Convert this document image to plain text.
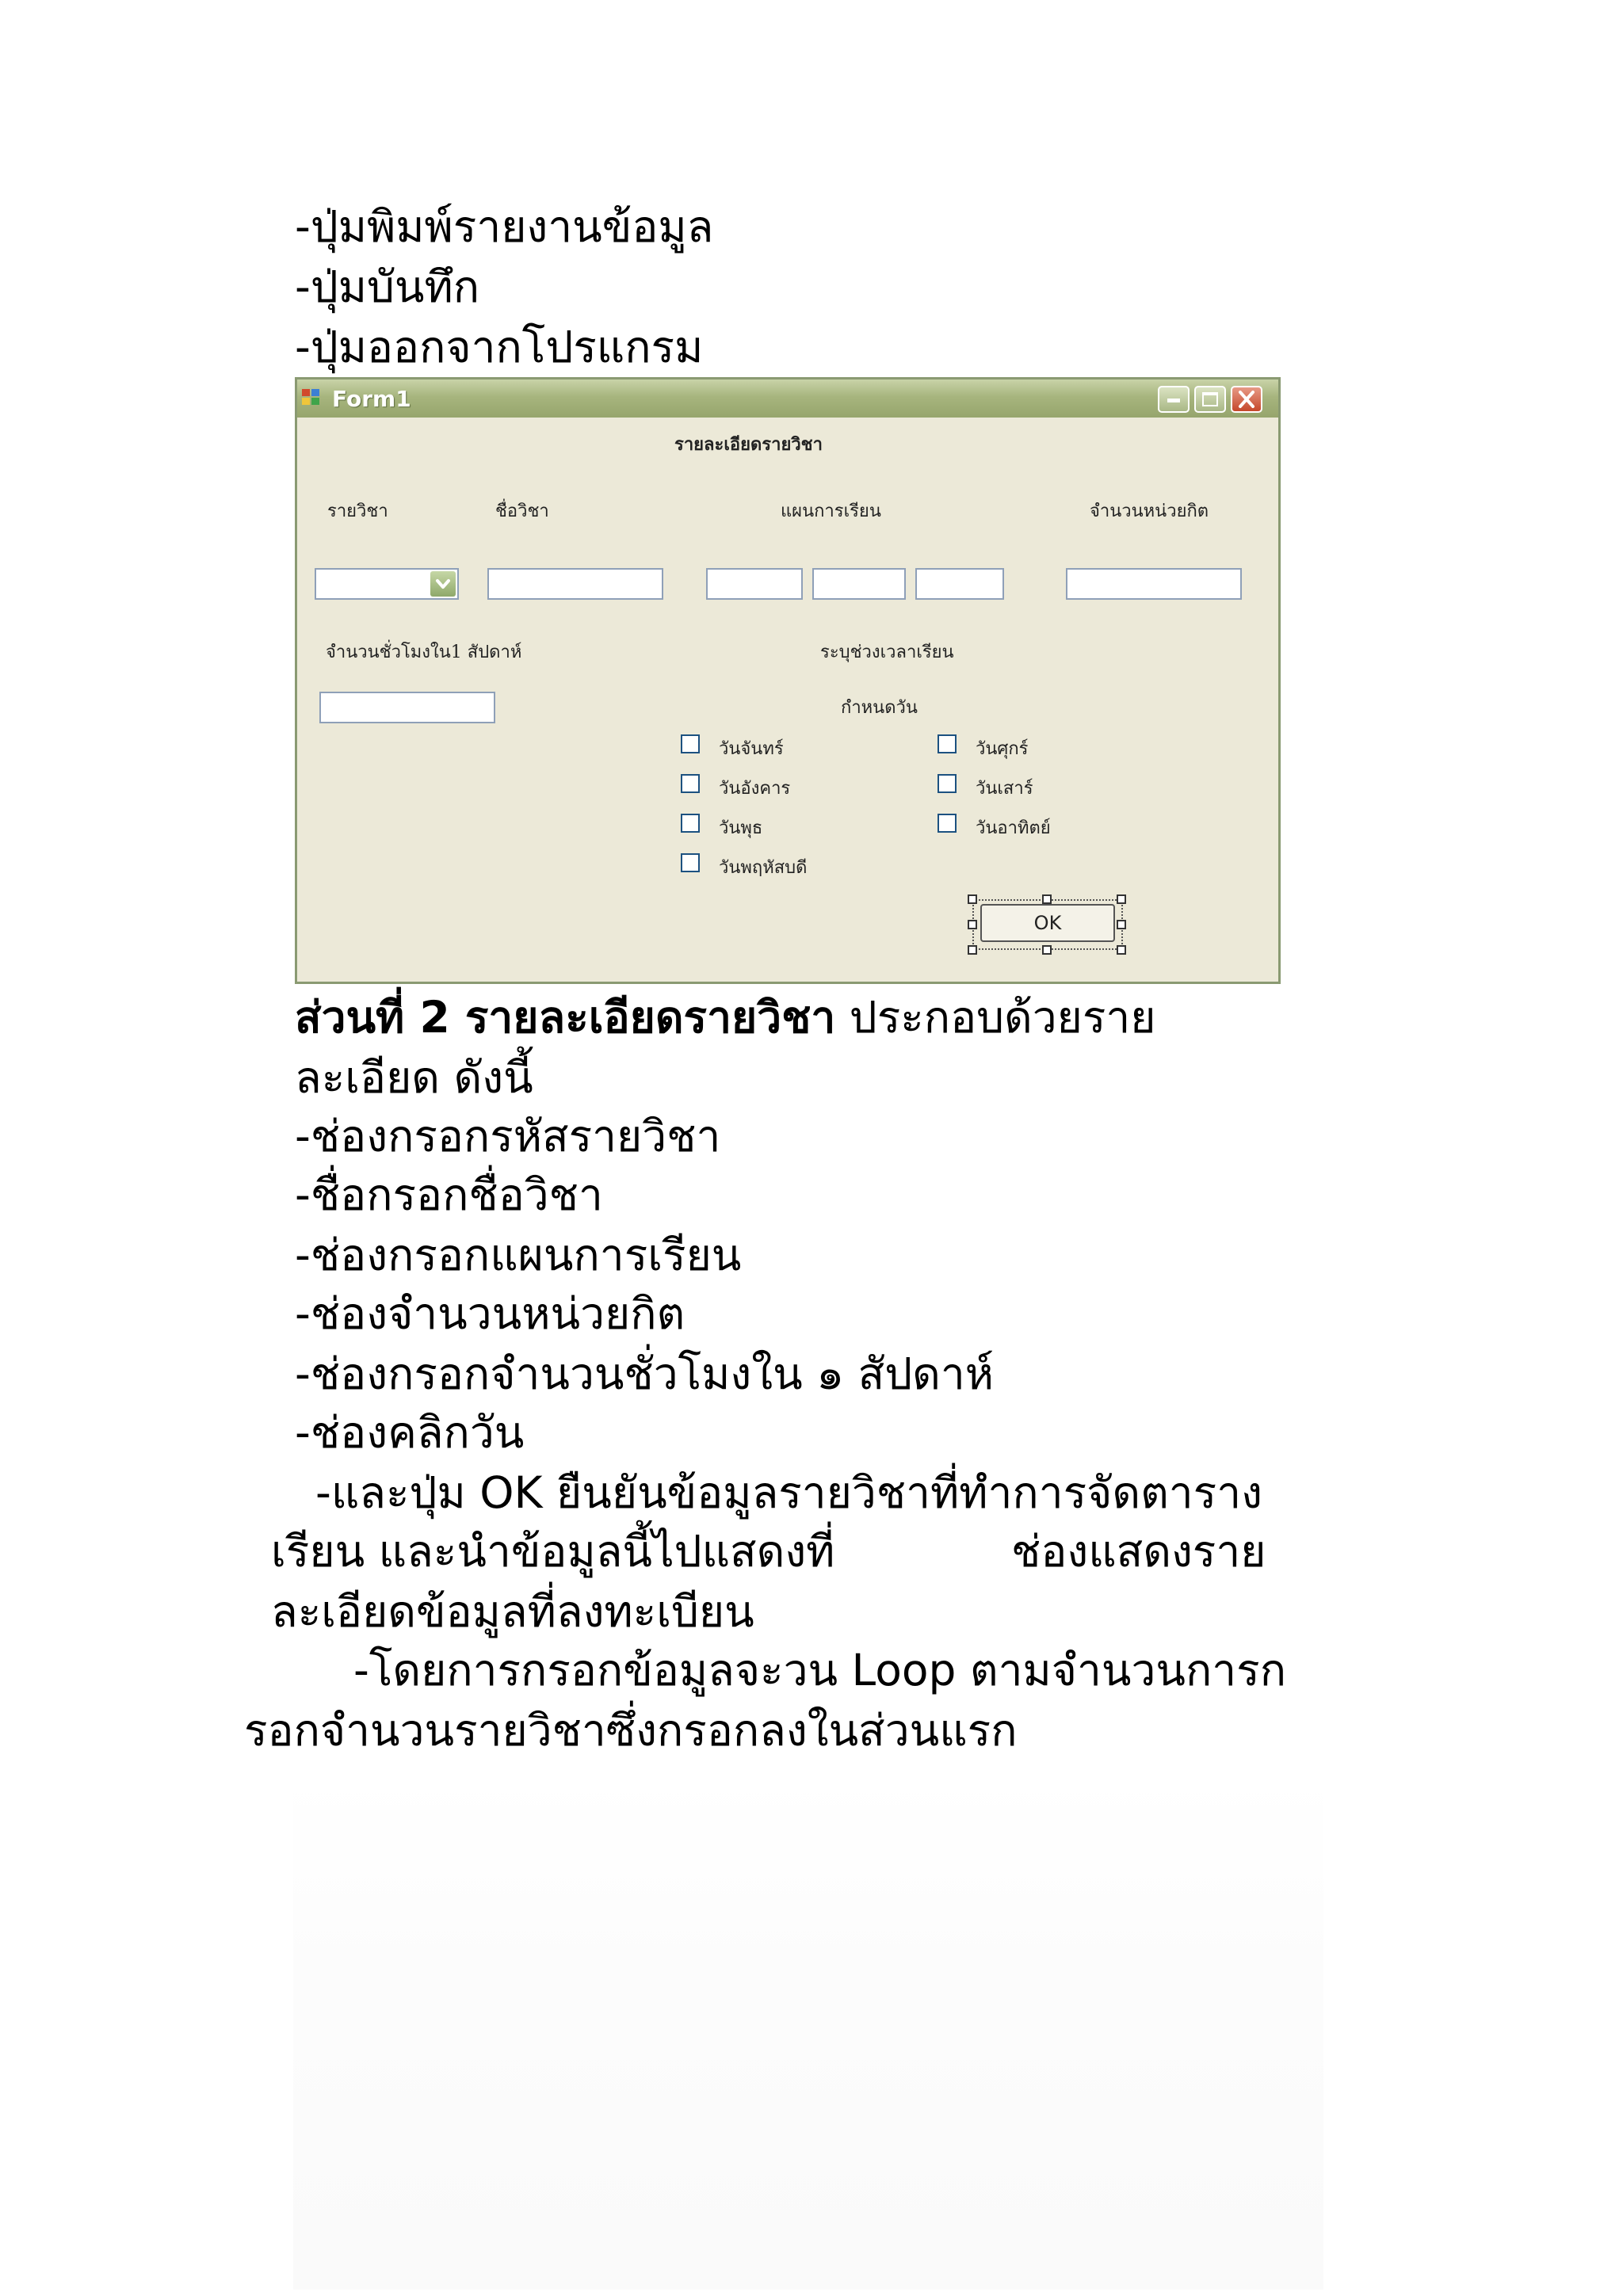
-ปุ่มพิมพ์รายงานข้อมูล
-ปุ่มบันทึก
-ปุ่มออกจากโปรแกรม
Form1
รายละเอียดรายวิชา
รายวิชา	ชื่อวิชา	แผนการเรียน	จำนวนหน่วยกิต
จำนวนชั่วโมงใน1 สัปดาห์	ระบุช่วงเวลาเรียน
กำหนดวัน
วันจันทร์
วันอังคาร
วันพุธ
วันพฤหัสบดี
วันศุกร์
วันเสาร์
วันอาทิตย์
OK
ส่วนที่ 2 รายละเอียดรายวิชา ประกอบด้วยราย
ละเอียด ดังนี้
-ช่องกรอกรหัสรายวิชา
-ชื่อกรอกชื่อวิชา
-ช่องกรอกแผนการเรียน
-ช่องจำนวนหน่วยกิต
-ช่องกรอกจำนวนชั่วโมงใน ๑ สัปดาห์
-ช่องคลิกวัน
-และปุ่ม OK ยืนยันข้อมูลรายวิชาที่ทำการจัดตาราง
เรียน และนำข้อมูลนี้ไปแสดงที่	ช่องแสดงราย
ละเอียดข้อมูลที่ลงทะเบียน
-โดยการกรอกข้อมูลจะวน Loop ตามจำนวนการก
รอกจำนวนรายวิชาซึ่งกรอกลงในส่วนแรก
